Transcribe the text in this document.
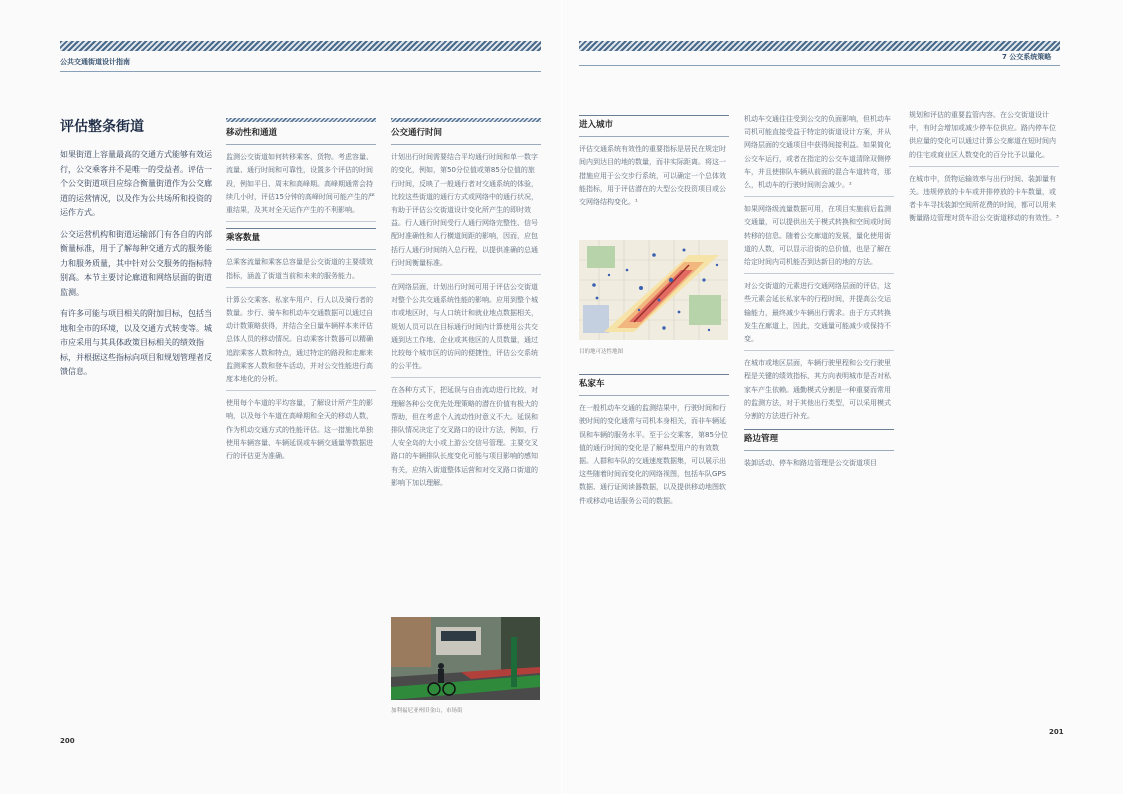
公共交通街道设计指南
7 公交系统策略
评估整条街道

如果街道上容量最高的交通方式能够有效运行，公交乘客并不是唯一的受益者。评估一个公交街道项目应综合衡量街道作为公交廊道的运营情况，以及作为公共场所和投资的运作方式。

公交运营机构和街道运输部门有各自的内部衡量标准，用于了解每种交通方式的服务能力和服务质量，其中针对公交服务的指标特别高。本节主要讨论廊道和网络层面的街道监测。

有许多可能与项目相关的附加目标，包括当地和全市的环境，以及交通方式转变等。城市应采用与其具体政策目标相关的绩效指标，并根据这些指标向项目和规划管理者反馈信息。

移动性和通道

监测公交街道如何转移乘客、货物。考虑容量、流量、通行时间和可靠性，设置多个评估的时间段，例如平日、周末和高峰期。高峰期通常会持续几小时，评估15分钟的高峰时间可能产生的严重结果，及其对全天运作产生的不利影响。

乘客数量

总乘客流量和乘客总容量是公交街道的主要绩效指标，涵盖了街道当前和未来的服务能力。

计算公交乘客、私家车用户、行人以及骑行者的数量。步行、骑车和机动车交通数据可以通过自动计数策略获得，并结合全日量车辆样本来评估总体人员的移动情况。自动乘客计数器可以精确追踪乘客人数和特点，通过特定的路段和走廊来监测乘客人数和登车活动，并对公交性能进行高度本地化的分析。

使用每个车道的平均容量，了解设计所产生的影响，以及每个车道在高峰期和全天的移动人数，作为机动交通方式的性能评估。这一措施比单独使用车辆容量、车辆延误或车辆交通量等数据进行的评估更为准确。

公交通行时间

计划出行时间需要结合平均通行时间和单一数字的变化，例如，第50分位值或第85分位值的旅行时间，反映了一般通行者对交通系统的体验，比较这些街道的通行方式或网络中的通行状况，有助于评估公交街道设计变化所产生的即时效益。行人通行时间受行人通行网络完整性、信号配时准确性和人行横道间距的影响，因而，应包括行人通行时间纳入总行程，以提供准确的总通行时间衡量标准。

在网络层面，计划出行时间可用于评估公交街道对整个公共交通系统性能的影响。应用到整个城市或地区时，与人口统计和就业地点数据相关，规划人员可以在目标通行时间内计算使用公共交通到达工作地、企业或其他区的人员数量，通过比较每个城市区的访问的便捷性，评估公交系统的公平性。

在各种方式下，把延误与自由流动进行比较，对理解各种公交优先处理策略的潜在价值有极大的帮助，但在考虑个人流动性时意义不大。延误和排队情况决定了交叉路口的设计方法，例如，行人安全岛的大小或上游公交信号管理。主要交叉路口的车辆排队长度变化可能与项目影响的感知有关，应纳入街道整体运营和对交叉路口街道的影响下加以理解。

加利福尼亚州旧金山，市场街
200
进入城市

评估交通系统有效性的重要指标是居民在规定时间内到达目的地的数量，而非实际距离。将这一措施应用于公交步行系统，可以确定一个总体效能指标，用于评估潜在的大型公交投资项目或公交网络结构变化。¹

目的地可达性地图
私家车

在一般机动车交通的监测结果中，行驶时间和行驶时间的变化通常与司机本身相关，而非车辆延误和车辆的服务水平。至于公交乘客，第85分位值的通行时间的变化是了解典型用户的有效数据。人群和车队的交通速度数据集，可以展示出这些随着时间而变化的网络视图，包括车队GPS数据、通行证阅读器数据，以及提供移动地图软件或移动电话服务公司的数据。

机动车交通往往受到公交的负面影响，但机动车司机可能直接受益于特定的街道设计方案，并从网络层面的交通项目中获得间接利益。如果简化公交车运行，或者在指定的公交车道清除双侧停车，并且使排队车辆从前面的混合车道转弯，那么，机动车的行驶时间则会减少。²

如果网络级流量数据可用，在项目实施前后监测交通量，可以提供出关于模式转换和空间或时间转移的信息。随着公交廊道的发展，量化使用街道的人数，可以显示沿街的总价值，也是了解在给定时间内司机能否到达新目的地的方法。

对公交街道的元素进行交通网络层面的评估，这些元素会延长私家车的行程时间，并提高公交运输能力，最终减少车辆出行需求。由于方式转换发生在廊道上，因此，交通量可能减少或保持不变。

在城市或地区层面，车辆行驶里程和公交行驶里程是关键的绩效指标，其方向表明城市是否对私家车产生依赖。通勤模式分割是一种重要而常用的监测方法，对于其他出行类型，可以采用模式分割的方法进行补充。

路边管理

装卸活动、停车和路边管理是公交街道项目

规划和评估的重要监管内容。在公交街道设计中，有时会增加或减少停车位供应。路内停车位供应量的变化可以通过计算公交廊道在短时间内的住宅或商业区人数变化的百分比予以量化。

在城市中，货物运输效率与出行时间、装卸量有关。违规停放的卡车或并排停放的卡车数量，或者卡车寻找装卸空间所花费的时间，都可以用来衡量路边管理对货车沿公交街道移动的有效性。³

201
